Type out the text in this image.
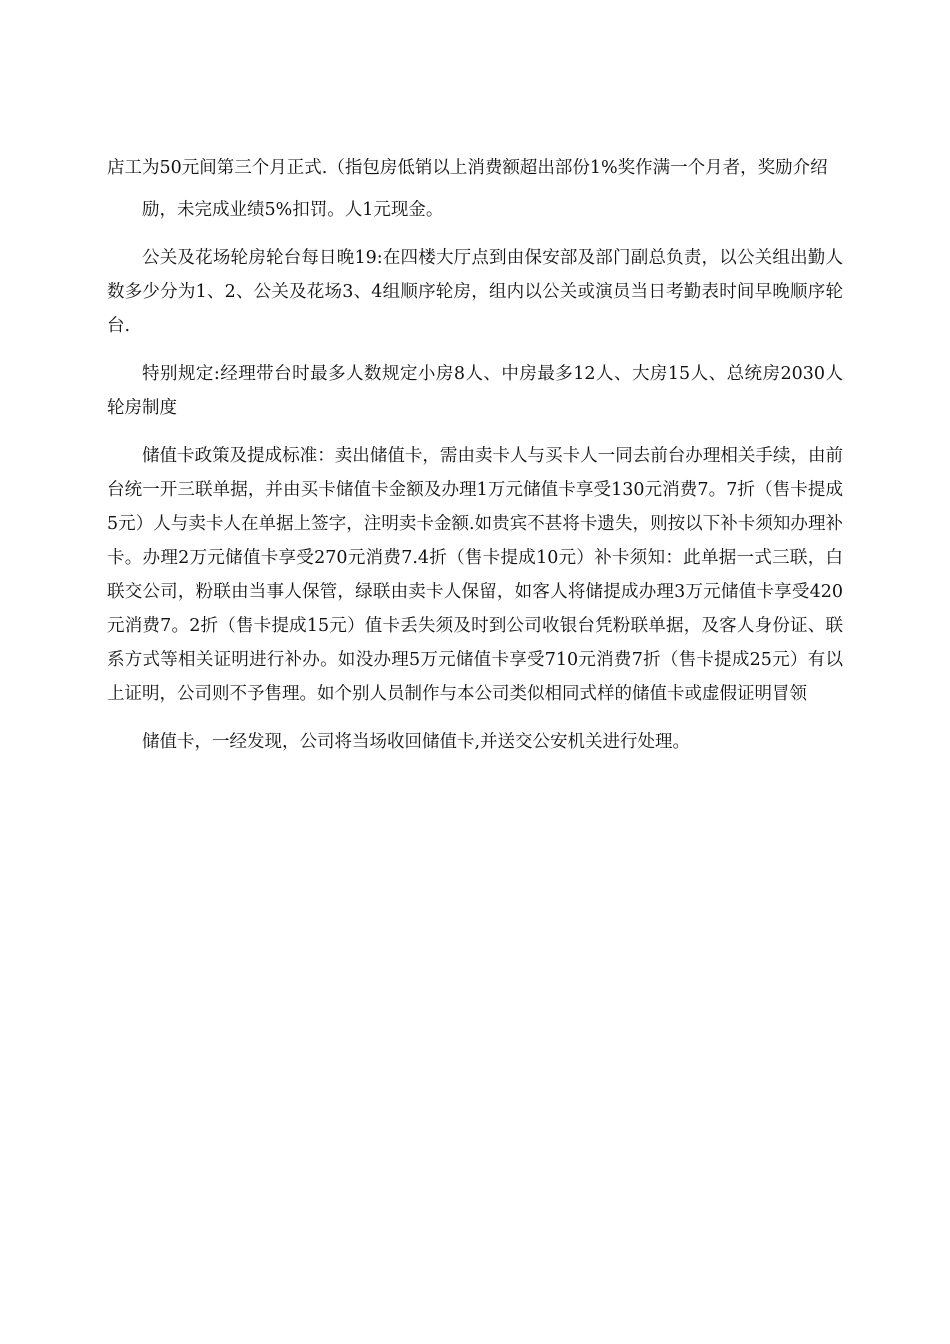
店工为50元间第三个月正式.（指包房低销以上消费额超出部份1%奖作满一个月者，奖励介绍

励，未完成业绩5%扣罚。人1元现金。

公关及花场轮房轮台每日晚19:在四楼大厅点到由保安部及部门副总负责，以公关组出勤人数多少分为1、2、公关及花场3、4组顺序轮房，组内以公关或演员当日考勤表时间早晚顺序轮台.

特别规定:经理带台时最多人数规定小房8人、中房最多12人、大房15人、总统房2030人轮房制度

储值卡政策及提成标准：卖出储值卡，需由卖卡人与买卡人一同去前台办理相关手续，由前台统一开三联单据，并由买卡储值卡金额及办理1万元储值卡享受130元消费7。7折（售卡提成5元）人与卖卡人在单据上签字，注明卖卡金额.如贵宾不甚将卡遗失，则按以下补卡须知办理补卡。办理2万元储值卡享受270元消费7.4折（售卡提成10元）补卡须知：此单据一式三联，白联交公司，粉联由当事人保管，绿联由卖卡人保留，如客人将储提成办理3万元储值卡享受420元消费7。2折（售卡提成15元）值卡丢失须及时到公司收银台凭粉联单据，及客人身份证、联系方式等相关证明进行补办。如没办理5万元储值卡享受710元消费7折（售卡提成25元）有以上证明，公司则不予售理。如个别人员制作与本公司类似相同式样的储值卡或虚假证明冒领

储值卡，一经发现，公司将当场收回储值卡,并送交公安机关进行处理。
